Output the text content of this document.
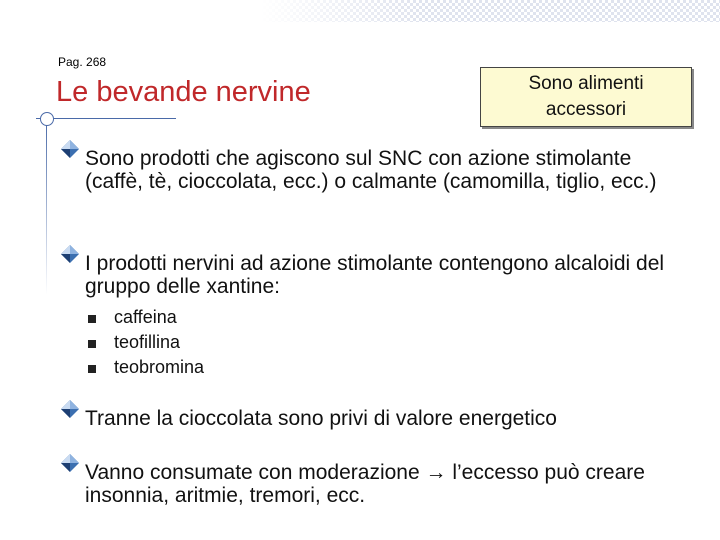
Pag. 268
Le bevande nervine	Sono alimenti
accessori
Sono prodotti che agiscono sul SNC con azione stimolante (caffè, tè, cioccolata, ecc.) o calmante (camomilla, tiglio, ecc.)
I prodotti nervini ad azione stimolante contengono alcaloidi del gruppo delle xantine:
caffeina
teofillina
teobromina
Tranne la cioccolata sono privi di valore energetico
Vanno consumate con moderazione → l’eccesso può creare insonnia, aritmie, tremori, ecc.
